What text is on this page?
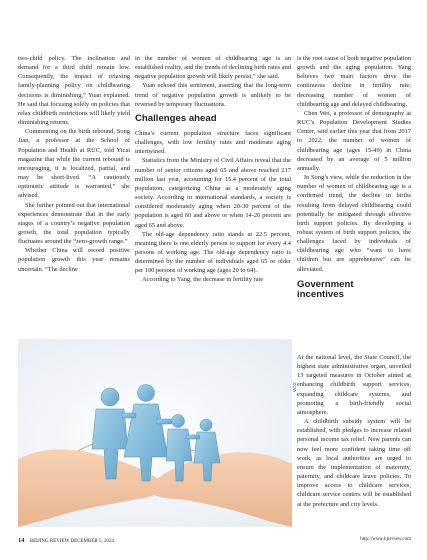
two-child policy. The inclination and demand for a third child remain low. Consequently, the impact of relaxing family-planning policy on childbearing decisions is diminishing,” Yuan explained. He said that focusing solely on policies that relax childbirth restrictions will likely yield diminishing returns.

Commenting on the birth rebound, Song Jian, a professor at the School of Population and Health at RUC, told Yicai magazine that while the current rebound is encouraging, it is localized, partial, and may be short-lived. “A cautiously optimistic attitude is warranted,” she advised.

She further pointed out that international experiences demonstrate that in the early stages of a country’s negative population growth, the total population typically fluctuates around the “zero-growth range.”

Whether China will record positive population growth this year remains uncertain. “The decline

in the number of women of childbearing age is an established reality, and the trends of declining birth rates and negative population growth will likely persist,” she said.

Yuan echoed this sentiment, asserting that the long-term trend of negative population growth is unlikely to be reversed by temporary fluctuations.

Challenges ahead

China’s current population structure faces significant challenges, with low fertility rates and moderate aging intertwined.

Statistics from the Ministry of Civil Affairs reveal that the number of senior citizens aged 65 and above reached 217 million last year, accounting for 15.4 percent of the total population, categorizing China as a moderately aging society. According to international standards, a society is considered moderately aging when 20-30 percent of the population is aged 60 and above or when 14-20 percent are aged 65 and above.

The old-age dependency ratio stands at 22.5 percent, meaning there is one elderly person to support for every 4.4 persons of working age. The old-age dependency ratio is determined by the number of individuals aged 65 or older per 100 persons of working age (ages 20 to 64).

According to Yang, the decrease in fertility rate

is the root cause of both negative population growth and the aging population. Yang believes two main factors drive the continuous decline in fertility rate: decreasing number of women of childbearing age and delayed childbearing.

Chen Wei, a professor of demography at RUC’s Population Development Studies Center, said earlier this year that from 2017 to 2022, the number of women of childbearing age (ages 15-49) in China decreased by an average of 5 million annually.

In Song’s view, while the reduction in the number of women of childbearing age is a confirmed trend, the decline in births resulting from delayed childbearing could potentially be mitigated through effective birth support policies. By developing a robust system of birth support policies, the challenges faced by individuals of childbearing age who “want to have children but are apprehensive” can be alleviated.

Government
incentives

At the national level, the State Council, the highest state administrative organ, unveiled 13 targeted measures in October aimed at enhancing childbirth support services, expanding childcare systems, and promoting a birth-friendly social atmosphere.

A childbirth subsidy system will be established, with pledges to increase related personal income tax relief. New parents can now feel more confident taking time off work, as local authorities are urged to ensure the implementation of maternity, paternity, and childcare leave policies. To improve access to childcare services, childcare service centers will be established at the prefecture and city levels.

VCG
14 BEIJING REVIEW DECEMBER 5, 2024	http://www.bjreview.com
